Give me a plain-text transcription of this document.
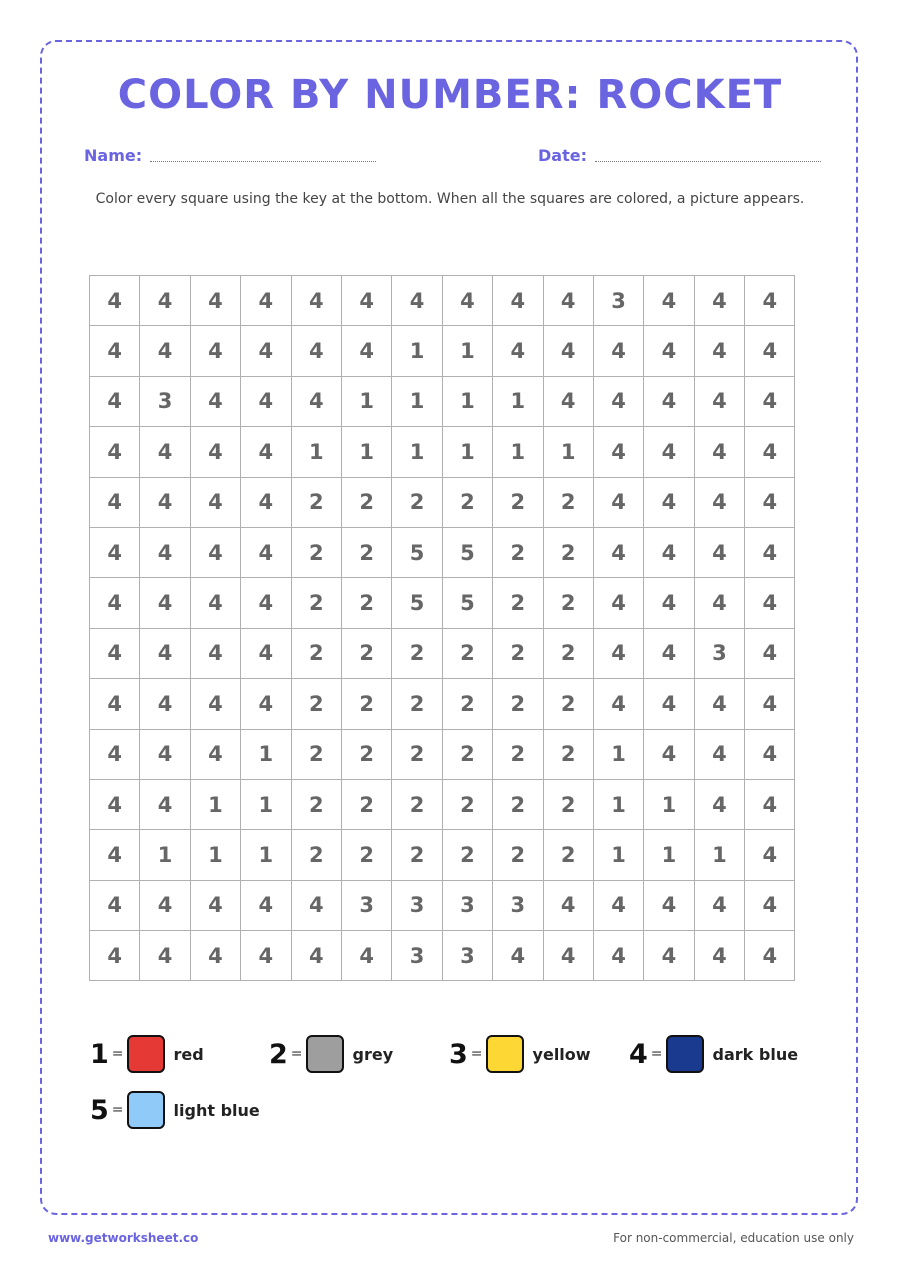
COLOR BY NUMBER: ROCKET
Name:	Date:
Color every square using the key at the bottom. When all the squares are colored, a picture appears.
4	4	4	4	4	4	4	4	4	4	3	4	4	4
4	4	4	4	4	4	1	1	4	4	4	4	4	4
4	3	4	4	4	1	1	1	1	4	4	4	4	4
4	4	4	4	1	1	1	1	1	1	4	4	4	4
4	4	4	4	2	2	2	2	2	2	4	4	4	4
4	4	4	4	2	2	5	5	2	2	4	4	4	4
4	4	4	4	2	2	5	5	2	2	4	4	4	4
4	4	4	4	2	2	2	2	2	2	4	4	3	4
4	4	4	4	2	2	2	2	2	2	4	4	4	4
4	4	4	1	2	2	2	2	2	2	1	4	4	4
4	4	1	1	2	2	2	2	2	2	1	1	4	4
4	1	1	1	2	2	2	2	2	2	1	1	1	4
4	4	4	4	4	3	3	3	3	4	4	4	4	4
4	4	4	4	4	4	3	3	4	4	4	4	4	4
1 =	red 2 =	grey 3 =	yellow 4 =	dark blue
5 =	light blue
www.getworksheet.co	For non-commercial, education use only
